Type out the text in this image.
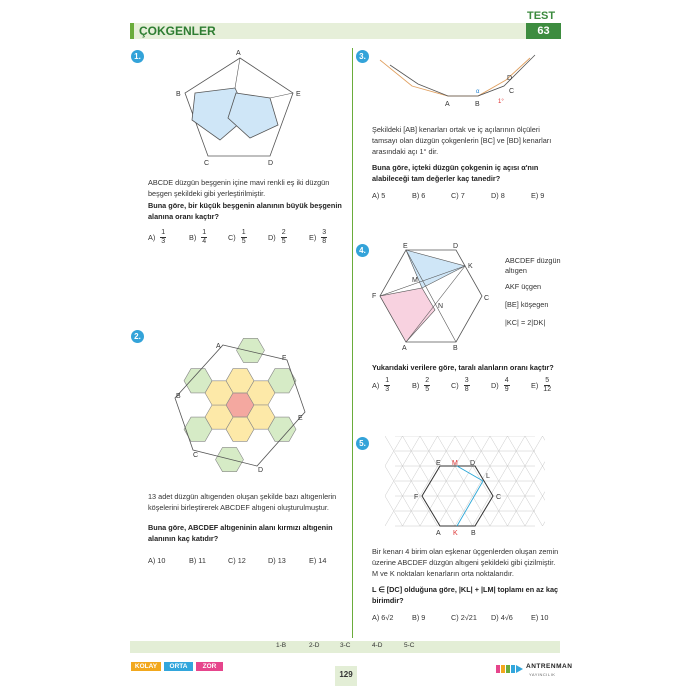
ÇOKGENLER
TEST
63
1.	A
E
B
C	D
ABCDE düzgün beşgenin içine mavi renkli eş iki düzgün beşgen şekildeki gibi yerleştirilmiştir.
Buna göre, bir küçük beşgenin alanının büyük beşgenin alanına oranı kaçtır?
$A) \frac{1}{3}$	$B) \frac{1}{4}$	$C) \frac{1}{5}$	$D) \frac{2}{5}$	$E) \frac{3}{8}$
2.
A
F
B
E
C
D
13 adet düzgün altıgenden oluşan şekilde bazı altıgenlerin köşelerini birleştirerek ABCDEF altıgeni oluşturulmuştur.
Buna göre, ABCDEF altıgeninin alanı kırmızı altıgenin alanının kaç katıdır?
A) 10	B) 11	C) 12	D) 13	E) 14
3.
A	B
C
D
α
1°
Şekildeki [AB] kenarları ortak ve iç açılarının ölçüleri tamsayı olan düzgün çokgenlerin [BC] ve [BD] kenarları arasındaki açı 1° dir.
Buna göre, içteki düzgün çokgenin iç açısı α'nın alabileceği tam değerler kaç tanedir?
A) 5	B) 6	C) 7	D) 8	E) 9
4.	E	D
K
C
F
M
N
A	B
ABCDEF düzgün altıgen
AKF üçgen
[BE] köşegen
|KC| = 2|DK|
Yukarıdaki verilere göre, taralı alanların oranı kaçtır?
$A) \frac{1}{3}$	$B) \frac{2}{5}$	$C) \frac{3}{8}$	$D) \frac{4}{9}$	$E) \frac{5}{12}$
5.
E M D
L
C
F
A K B
Bir kenarı 4 birim olan eşkenar üçgenlerden oluşan zemin üzerine ABCDEF düzgün altıgeni şekildeki gibi çizilmiştir. M ve K noktaları kenarların orta noktalarıdır.
L ∈ [DC] olduğuna göre, |KL| + |LM| toplamı en az kaç birimdir?
A) 6√2	B) 9	C) 2√21 D) 4√6 E) 10
1-B	2-D	3-C	4-D	5-C
KOLAY	ORTA	ZOR
129
ANTRENMAN
YAYINCILIK
